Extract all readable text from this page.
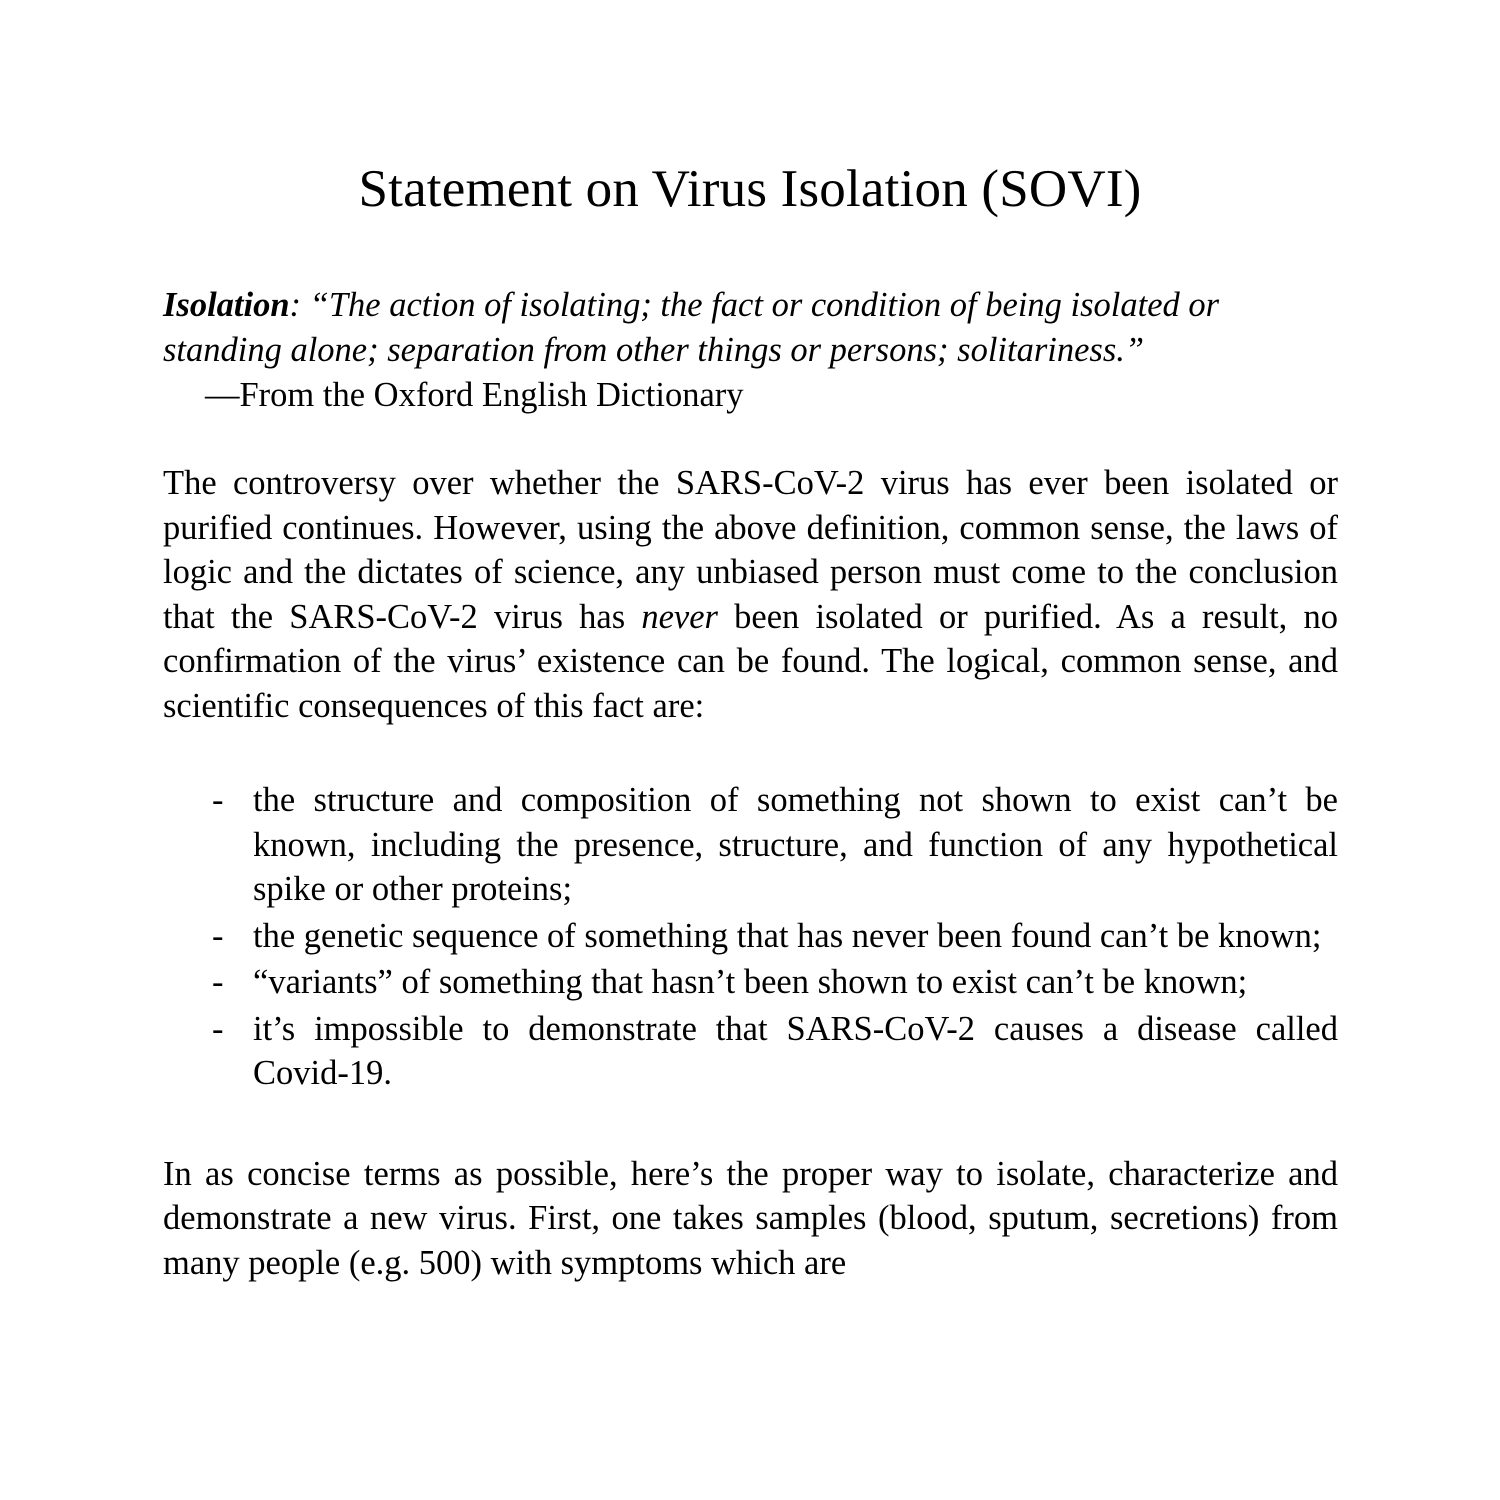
Statement on Virus Isolation (SOVI)
Isolation: “The action of isolating; the fact or condition of being isolated or standing alone; separation from other things or persons; solitariness.”
—From the Oxford English Dictionary

The controversy over whether the SARS-CoV-2 virus has ever been isolated or purified continues. However, using the above definition, common sense, the laws of logic and the dictates of science, any unbiased person must come to the conclusion that the SARS-CoV-2 virus has never been isolated or purified. As a result, no confirmation of the virus’ existence can be found. The logical, common sense, and scientific consequences of this fact are:

- the structure and composition of something not shown to exist can’t be known, including the presence, structure, and function of any hypothetical spike or other proteins;
- the genetic sequence of something that has never been found can’t be known;
- “variants” of something that hasn’t been shown to exist can’t be known;
- it’s impossible to demonstrate that SARS-CoV-2 causes a disease called Covid-19.

In as concise terms as possible, here’s the proper way to isolate, characterize and demonstrate a new virus. First, one takes samples (blood, sputum, secretions) from many people (e.g. 500) with symptoms which are
